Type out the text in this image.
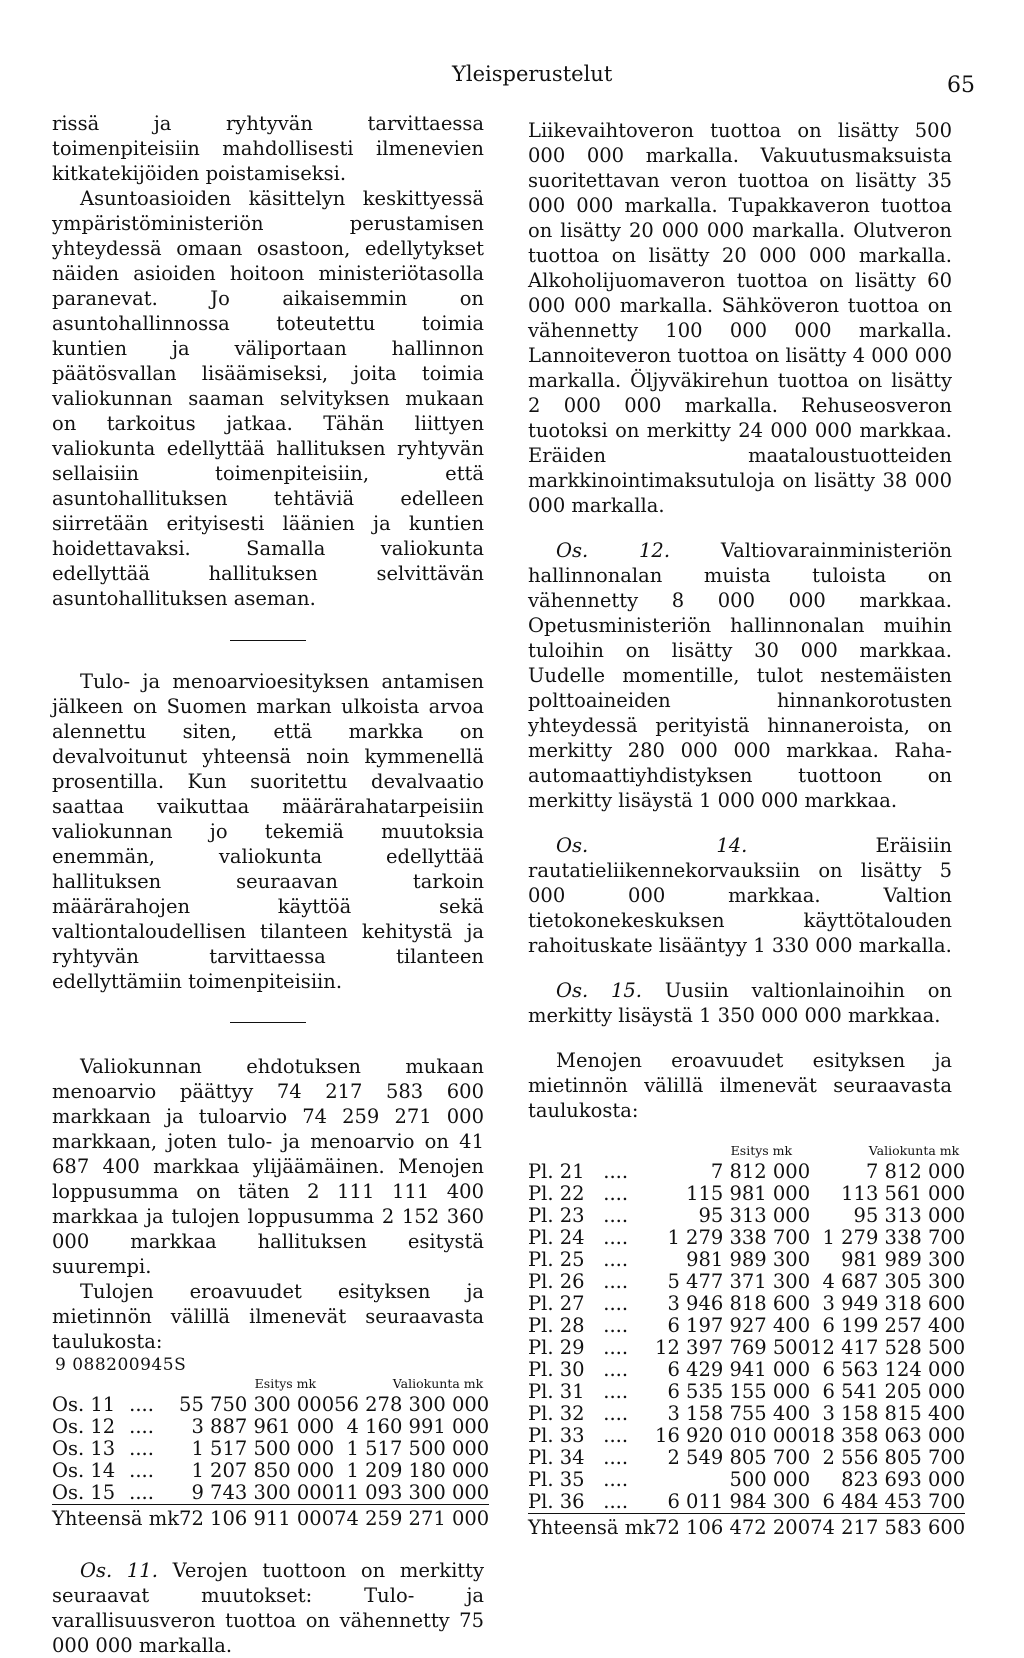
Yleisperustelut	65

rissä ja ryhtyvän tarvittaessa toimenpiteisiin mahdollisesti ilmenevien kitkatekijöiden poistamiseksi.

Asuntoasioiden käsittelyn keskittyessä ympäristöministeriön perustamisen yhteydessä omaan osastoon, edellytykset näiden asioiden hoitoon ministeriötasolla paranevat. Jo aikaisemmin on asuntohallinnossa toteutettu toimia kuntien ja väliportaan hallinnon päätösvallan lisäämiseksi, joita toimia valiokunnan saaman selvityksen mukaan on tarkoitus jatkaa. Tähän liittyen valiokunta edellyttää hallituksen ryhtyvän sellaisiin toimenpiteisiin, että asuntohallituksen tehtäviä edelleen siirretään erityisesti läänien ja kuntien hoidettavaksi. Samalla valiokunta edellyttää hallituksen selvittävän asuntohallituksen aseman.

Tulo- ja menoarvioesityksen antamisen jälkeen on Suomen markan ulkoista arvoa alennettu siten, että markka on devalvoitunut yhteensä noin kymmenellä prosentilla. Kun suoritettu devalvaatio saattaa vaikuttaa määrärahatarpeisiin valiokunnan jo tekemiä muutoksia enemmän, valiokunta edellyttää hallituksen seuraavan tarkoin määrärahojen käyttöä sekä valtiontaloudellisen tilanteen kehitystä ja ryhtyvän tarvittaessa tilanteen edellyttämiin toimenpiteisiin.

Valiokunnan ehdotuksen mukaan menoarvio päättyy 74 217 583 600 markkaan ja tuloarvio 74 259 271 000 markkaan, joten tulo- ja menoarvio on 41 687 400 markkaa ylijäämäinen. Menojen loppusumma on täten 2 111 111 400 markkaa ja tulojen loppusumma 2 152 360 000 markkaa hallituksen esitystä suurempi.

Tulojen eroavuudet esityksen ja mietinnön välillä ilmenevät seuraavasta taulukosta:

		Esitys mk	Valiokunta mk
Os. 11	....	55 750 300 000	56 278 300 000
Os. 12	....	3 887 961 000	4 160 991 000
Os. 13	....	1 517 500 000	1 517 500 000
Os. 14	....	1 207 850 000	1 209 180 000
Os. 15	....	9 743 300 000	11 093 300 000
Yhteensä mk		72 106 911 000	74 259 271 000

Os. 11. Verojen tuottoon on merkitty seuraavat muutokset: Tulo- ja varallisuusveron tuottoa on vähennetty 75 000 000 markalla.

Liikevaihtoveron tuottoa on lisätty 500 000 000 markalla. Vakuutusmaksuista suoritettavan veron tuottoa on lisätty 35 000 000 markalla. Tupakkaveron tuottoa on lisätty 20 000 000 markalla. Olutveron tuottoa on lisätty 20 000 000 markalla. Alkoholijuomaveron tuottoa on lisätty 60 000 000 markalla. Sähköveron tuottoa on vähennetty 100 000 000 markalla. Lannoiteveron tuottoa on lisätty 4 000 000 markalla. Öljyväkirehun tuottoa on lisätty 2 000 000 markalla. Rehuseosveron tuotoksi on merkitty 24 000 000 markkaa. Eräiden maataloustuotteiden markkinointimaksutuloja on lisätty 38 000 000 markalla.

Os. 12.	Valtiovarainministeriön hallinnonalan muista tuloista on vähennetty 8 000 000 markkaa. Opetusministeriön hallinnonalan muihin tuloihin on lisätty 30 000 markkaa. Uudelle momentille, tulot nestemäisten polttoaineiden hinnankorotusten yhteydessä perityistä hinnaneroista, on merkitty 280 000 000 markkaa. Raha-automaattiyhdistyksen tuottoon on merkitty lisäystä 1 000 000 markkaa.

Os. 14.	Eräisiin rautatieliikennekorvauksiin on lisätty 5 000 000 markkaa. Valtion tietokonekeskuksen käyttötalouden rahoituskate lisääntyy 1 330 000 markalla.

Os. 15. Uusiin valtionlainoihin on merkitty lisäystä 1 350 000 000 markkaa.

Menojen eroavuudet esityksen ja mietinnön välillä ilmenevät seuraavasta taulukosta:

		Esitys mk	Valiokunta mk
Pl. 21	....	7 812 000	7 812 000
Pl. 22	....	115 981 000	113 561 000
Pl. 23	....	95 313 000	95 313 000
Pl. 24	....	1 279 338 700	1 279 338 700
Pl. 25	....	981 989 300	981 989 300
Pl. 26	....	5 477 371 300	4 687 305 300
Pl. 27	....	3 946 818 600	3 949 318 600
Pl. 28	....	6 197 927 400	6 199 257 400
Pl. 29	....	12 397 769 500	12 417 528 500
Pl. 30	....	6 429 941 000	6 563 124 000
Pl. 31	....	6 535 155 000	6 541 205 000
Pl. 32	....	3 158 755 400	3 158 815 400
Pl. 33	....	16 920 010 000	18 358 063 000
Pl. 34	....	2 549 805 700	2 556 805 700
Pl. 35	....	500 000	823 693 000
Pl. 36	....	6 011 984 300	6 484 453 700
Yhteensä mk		72 106 472 200	74 217 583 600
9 088200945S
